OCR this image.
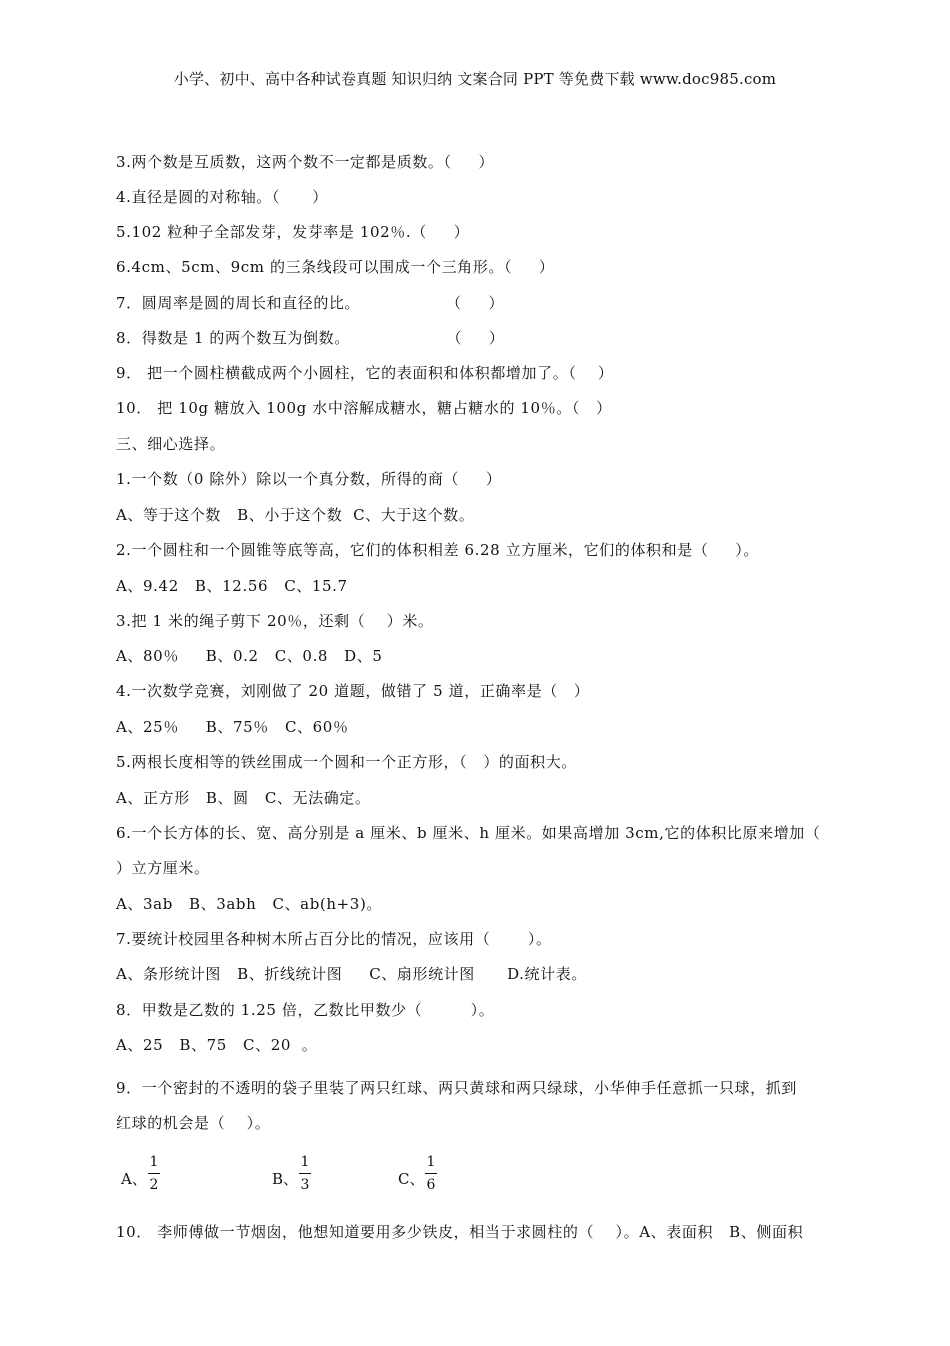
小学、初中、高中各种试卷真题 知识归纳 文案合同 PPT 等免费下载 www.doc985.com
3.两个数是互质数，这两个数不一定都是质数。（     ）
4.直径是圆的对称轴。（      ）
5.102 粒种子全部发芽，发芽率是 102％.（     ）
6.4cm、5cm、9cm 的三条线段可以围成一个三角形。（     ）
7．圆周率是圆的周长和直径的比。                （     ）
8．得数是 1 的两个数互为倒数。                  （     ）
9． 把一个圆柱横截成两个小圆柱，它的表面积和体积都增加了。（    ）
10． 把 10g 糖放入 100g 水中溶解成糖水，糖占糖水的 10％。（   ）
三、细心选择。
1.一个数（0 除外）除以一个真分数，所得的商（     ）
A、等于这个数   B、小于这个数  C、大于这个数。
2.一个圆柱和一个圆锥等底等高，它们的体积相差 6.28 立方厘米，它们的体积和是（     ）。
A、9.42   B、12.56   C、15.7
3.把 1 米的绳子剪下 20％，还剩（    ）米。
A、80％     B、0.2   C、0.8   D、5
4.一次数学竞赛，刘刚做了 20 道题，做错了 5 道，正确率是（   ）
A、25％     B、75％   C、60％
5.两根长度相等的铁丝围成一个圆和一个正方形，（   ）的面积大。
A、正方形   B、圆   C、无法确定。
6.一个长方体的长、宽、高分别是 a 厘米、b 厘米、h 厘米。如果高增加 3cm,它的体积比原来增加（
）立方厘米。
A、3ab   B、3abh   C、ab(h+3)。
7.要统计校园里各种树木所占百分比的情况，应该用（       ）。
A、条形统计图   B、折线统计图     C、扇形统计图      D.统计表。
8．甲数是乙数的 1.25 倍，乙数比甲数少（         ）。
A、25   B、75   C、20  。
9．一个密封的不透明的袋子里装了两只红球、两只黄球和两只绿球，小华伸手任意抓一只球，抓到
红球的机会是（    ）。
A、
1
2	B、
1
3	C、
1
6
10． 李师傅做一节烟囱，他想知道要用多少铁皮，相当于求圆柱的（    ）。A、表面积   B、侧面积
